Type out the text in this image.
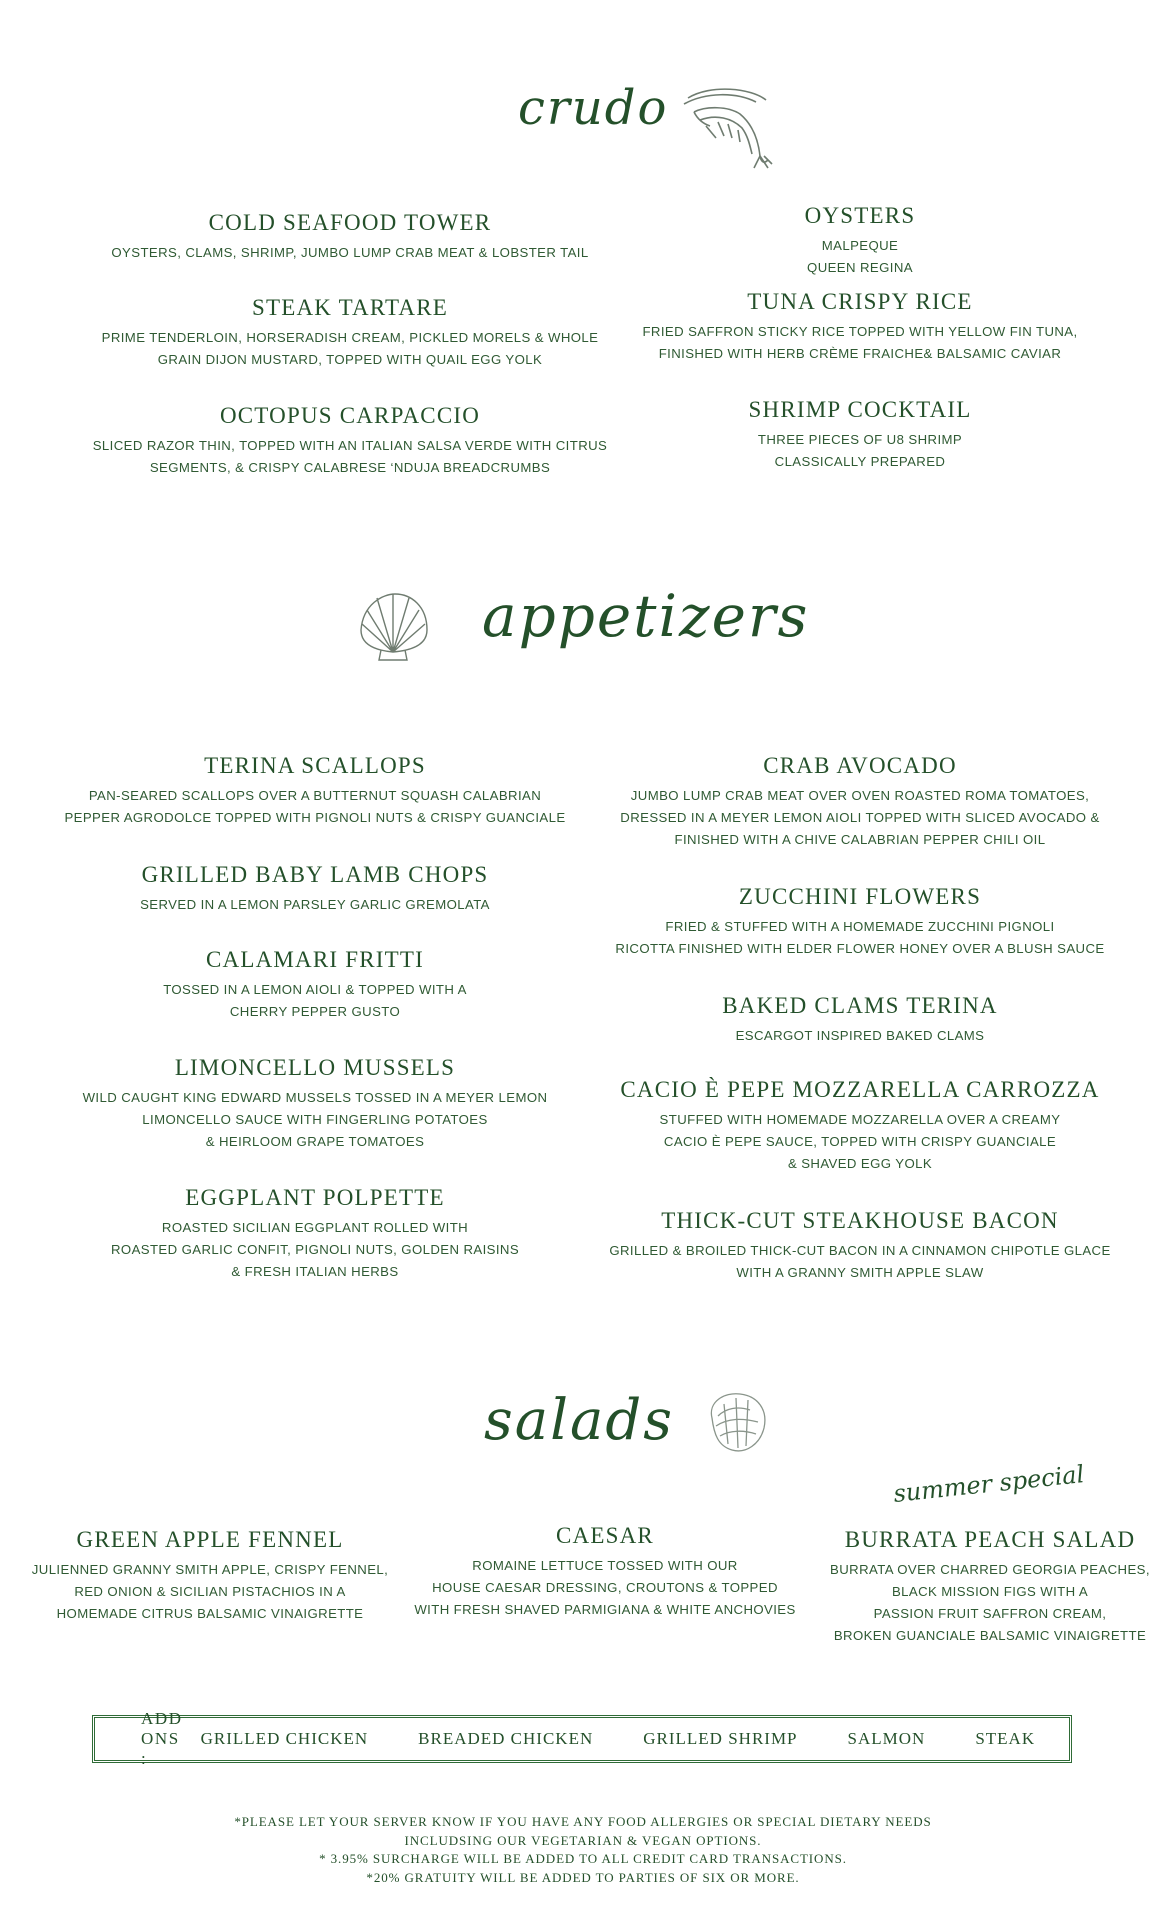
crudo
appetizers
salads
COLD SEAFOOD TOWER
OYSTERS, CLAMS, SHRIMP, JUMBO LUMP CRAB MEAT & LOBSTER TAIL
STEAK TARTARE
PRIME TENDERLOIN, HORSERADISH CREAM, PICKLED MORELS & WHOLE
GRAIN DIJON MUSTARD, TOPPED WITH QUAIL EGG YOLK
OCTOPUS CARPACCIO
SLICED RAZOR THIN, TOPPED WITH AN ITALIAN SALSA VERDE WITH CITRUS
SEGMENTS, & CRISPY CALABRESE ‘NDUJA BREADCRUMBS
OYSTERS
MALPEQUE
QUEEN REGINA
TUNA CRISPY RICE
FRIED SAFFRON STICKY RICE TOPPED WITH YELLOW FIN TUNA,
FINISHED WITH HERB CRÈME FRAICHE& BALSAMIC CAVIAR
SHRIMP COCKTAIL
THREE PIECES OF U8 SHRIMP
CLASSICALLY PREPARED
TERINA SCALLOPS
PAN-SEARED SCALLOPS OVER A BUTTERNUT SQUASH CALABRIAN
PEPPER AGRODOLCE TOPPED WITH PIGNOLI NUTS & CRISPY GUANCIALE
GRILLED BABY LAMB CHOPS
SERVED IN A LEMON PARSLEY GARLIC GREMOLATA
CALAMARI FRITTI
TOSSED IN A LEMON AIOLI & TOPPED WITH A
CHERRY PEPPER GUSTO
LIMONCELLO MUSSELS
WILD CAUGHT KING EDWARD MUSSELS TOSSED IN A MEYER LEMON
LIMONCELLO SAUCE WITH FINGERLING POTATOES
& HEIRLOOM GRAPE TOMATOES
EGGPLANT POLPETTE
ROASTED SICILIAN EGGPLANT ROLLED WITH
ROASTED GARLIC CONFIT, PIGNOLI NUTS, GOLDEN RAISINS
& FRESH ITALIAN HERBS
CRAB AVOCADO
JUMBO LUMP CRAB MEAT OVER OVEN ROASTED ROMA TOMATOES,
DRESSED IN A MEYER LEMON AIOLI TOPPED WITH SLICED AVOCADO &
FINISHED WITH A CHIVE CALABRIAN PEPPER CHILI OIL
ZUCCHINI FLOWERS
FRIED & STUFFED WITH A HOMEMADE ZUCCHINI PIGNOLI
RICOTTA FINISHED WITH ELDER FLOWER HONEY OVER A BLUSH SAUCE
BAKED CLAMS TERINA
ESCARGOT INSPIRED BAKED CLAMS
CACIO È PEPE MOZZARELLA CARROZZA
STUFFED WITH HOMEMADE MOZZARELLA OVER A CREAMY
CACIO È PEPE SAUCE, TOPPED WITH CRISPY GUANCIALE
& SHAVED EGG YOLK
THICK-CUT STEAKHOUSE BACON
GRILLED & BROILED THICK-CUT BACON IN A CINNAMON CHIPOTLE GLACE
WITH A GRANNY SMITH APPLE SLAW
summer special
GREEN APPLE FENNEL
JULIENNED GRANNY SMITH APPLE, CRISPY FENNEL,
RED ONION & SICILIAN PISTACHIOS IN A
HOMEMADE CITRUS BALSAMIC VINAIGRETTE
CAESAR
ROMAINE LETTUCE TOSSED WITH OUR
HOUSE CAESAR DRESSING, CROUTONS & TOPPED
WITH FRESH SHAVED PARMIGIANA & WHITE ANCHOVIES
BURRATA PEACH SALAD
BURRATA OVER CHARRED GEORGIA PEACHES,
BLACK MISSION FIGS WITH A
PASSION FRUIT SAFFRON CREAM,
BROKEN GUANCIALE BALSAMIC VINAIGRETTE
ADD ONS :
GRILLED CHICKEN	BREADED CHICKEN	GRILLED SHRIMP	SALMON	STEAK
*PLEASE LET YOUR SERVER KNOW IF YOU HAVE ANY FOOD ALLERGIES OR SPECIAL DIETARY NEEDS
INCLUDSING OUR VEGETARIAN & VEGAN OPTIONS.
* 3.95% SURCHARGE WILL BE ADDED TO ALL CREDIT CARD TRANSACTIONS.
*20% GRATUITY WILL BE ADDED TO PARTIES OF SIX OR MORE.
